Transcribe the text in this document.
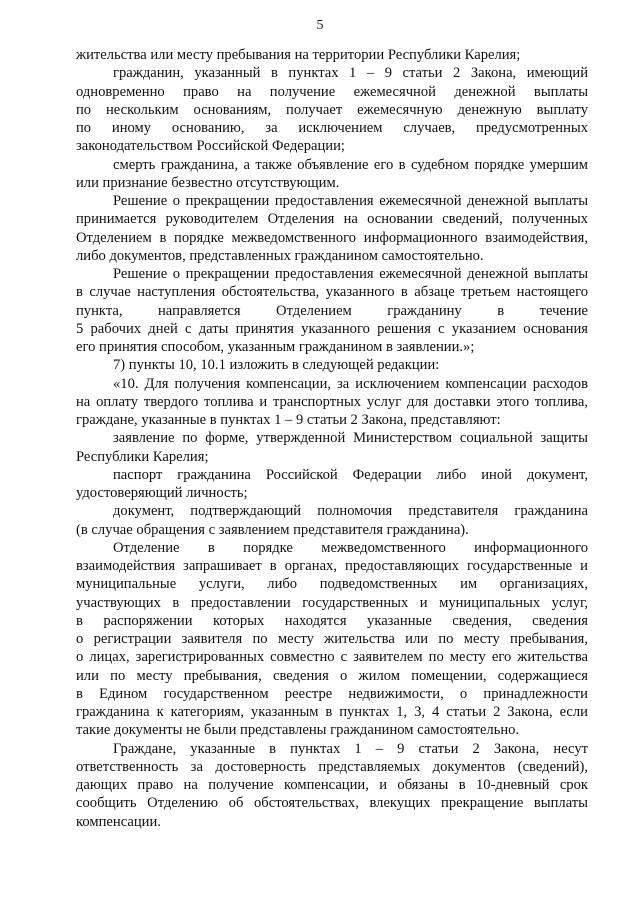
5
жительства или месту пребывания на территории Республики Карелия;
гражданин, указанный в пунктах 1 – 9 статьи 2 Закона, имеющий
одновременно право на получение ежемесячной денежной выплаты
по нескольким основаниям, получает ежемесячную денежную выплату
по иному основанию, за исключением случаев, предусмотренных
законодательством Российской Федерации;
смерть гражданина, а также объявление его в судебном порядке умершим
или признание безвестно отсутствующим.
Решение о прекращении предоставления ежемесячной денежной выплаты
принимается руководителем Отделения на основании сведений, полученных
Отделением в порядке межведомственного информационного взаимодействия,
либо документов, представленных гражданином самостоятельно.
Решение о прекращении предоставления ежемесячной денежной выплаты
в случае наступления обстоятельства, указанного в абзаце третьем настоящего
пункта, направляется Отделением гражданину в течение
5 рабочих дней с даты принятия указанного решения с указанием основания
его принятия способом, указанным гражданином в заявлении.»;
7) пункты 10, 10.1 изложить в следующей редакции:
«10. Для получения компенсации, за исключением компенсации расходов
на оплату твердого топлива и транспортных услуг для доставки этого топлива,
граждане, указанные в пунктах 1 – 9 статьи 2 Закона, представляют:
заявление по форме, утвержденной Министерством социальной защиты
Республики Карелия;
паспорт гражданина Российской Федерации либо иной документ,
удостоверяющий личность;
документ, подтверждающий полномочия представителя гражданина
(в случае обращения с заявлением представителя гражданина).
Отделение в порядке межведомственного информационного
взаимодействия запрашивает в органах, предоставляющих государственные и
муниципальные услуги, либо подведомственных им организациях,
участвующих в предоставлении государственных и муниципальных услуг,
в распоряжении которых находятся указанные сведения, сведения
о регистрации заявителя по месту жительства или по месту пребывания,
о лицах, зарегистрированных совместно с заявителем по месту его жительства
или по месту пребывания, сведения о жилом помещении, содержащиеся
в Едином государственном реестре недвижимости, о принадлежности
гражданина к категориям, указанным в пунктах 1, 3, 4 статьи 2 Закона, если
такие документы не были представлены гражданином самостоятельно.
Граждане, указанные в пунктах 1 – 9 статьи 2 Закона, несут
ответственность за достоверность представляемых документов (сведений),
дающих право на получение компенсации, и обязаны в 10-дневный срок
сообщить Отделению об обстоятельствах, влекущих прекращение выплаты
компенсации.
